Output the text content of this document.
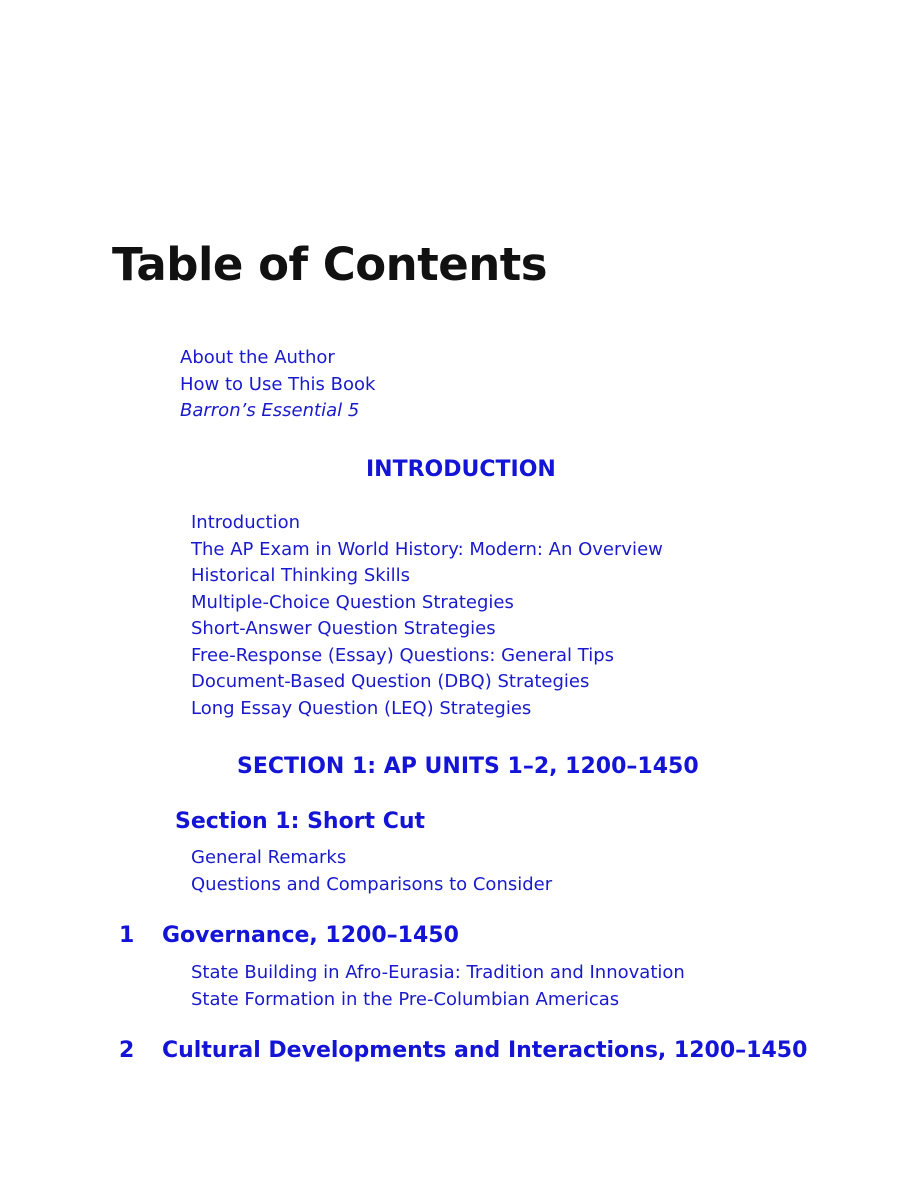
Table of Contents
About the Author
How to Use This Book
Barron’s Essential 5
INTRODUCTION
Introduction
The AP Exam in World History: Modern: An Overview
Historical Thinking Skills
Multiple-Choice Question Strategies
Short-Answer Question Strategies
Free-Response (Essay) Questions: General Tips
Document-Based Question (DBQ) Strategies
Long Essay Question (LEQ) Strategies
SECTION 1: AP UNITS 1–2, 1200–1450
Section 1: Short Cut
General Remarks
Questions and Comparisons to Consider
1 Governance, 1200–1450
State Building in Afro-Eurasia: Tradition and Innovation
State Formation in the Pre-Columbian Americas
2 Cultural Developments and Interactions, 1200–1450
